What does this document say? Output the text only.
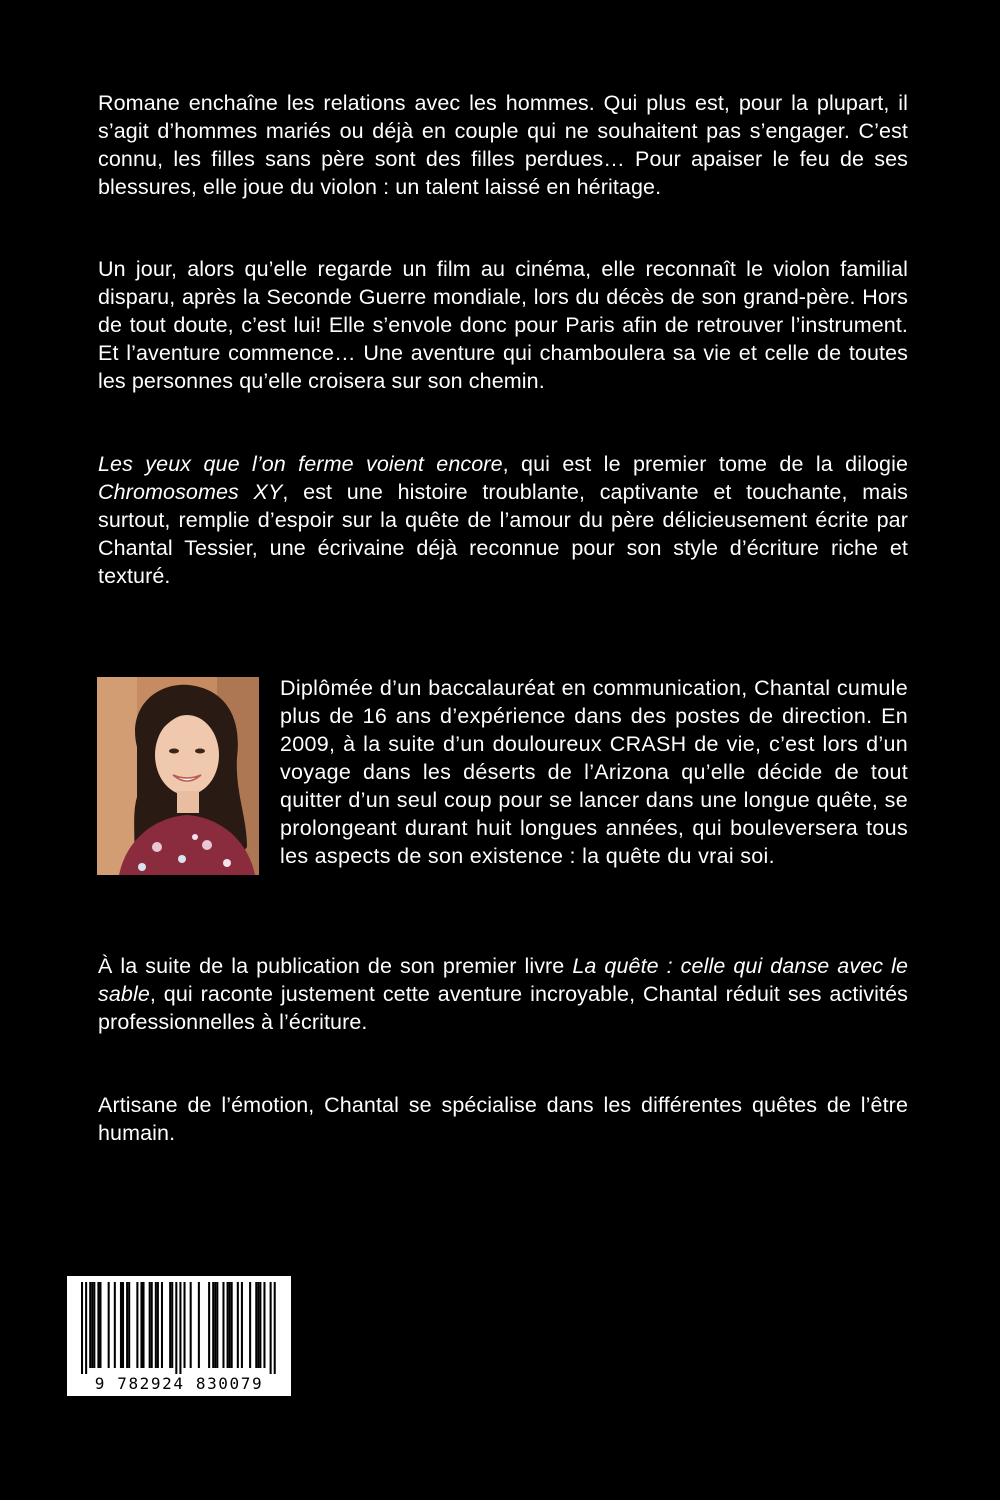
Romane enchaîne les relations avec les hommes. Qui plus est, pour la plupart, il s’agit d’hommes mariés ou déjà en couple qui ne souhaitent pas s’engager. C’est connu, les filles sans père sont des filles perdues… Pour apaiser le feu de ses blessures, elle joue du violon : un talent laissé en héritage.

Un jour, alors qu’elle regarde un film au cinéma, elle reconnaît le violon familial disparu, après la Seconde Guerre mondiale, lors du décès de son grand-père. Hors de tout doute, c’est lui! Elle s’envole donc pour Paris afin de retrouver l’instrument. Et l’aventure commence… Une aventure qui chamboulera sa vie et celle de toutes les personnes qu’elle croisera sur son chemin.

Les yeux que l’on ferme voient encore, qui est le premier tome de la dilogie Chromosomes XY, est une histoire troublante, captivante et touchante, mais surtout, remplie d’espoir sur la quête de l’amour du père délicieusement écrite par Chantal Tessier, une écrivaine déjà reconnue pour son style d’écriture riche et texturé.

Diplômée d’un baccalauréat en communication, Chantal cumule plus de 16 ans d’expérience dans des postes de direction. En 2009, à la suite d’un douloureux CRASH de vie, c’est lors d’un voyage dans les déserts de l’Arizona qu’elle décide de tout quitter d’un seul coup pour se lancer dans une longue quête, se prolongeant durant huit longues années, qui bouleversera tous les aspects de son existence : la quête du vrai soi.

À la suite de la publication de son premier livre La quête : celle qui danse avec le sable, qui raconte justement cette aventure incroyable, Chantal réduit ses activités professionnelles à l’écriture.

Artisane de l’émotion, Chantal se spécialise dans les différentes quêtes de l’être humain.

9 782924 830079
